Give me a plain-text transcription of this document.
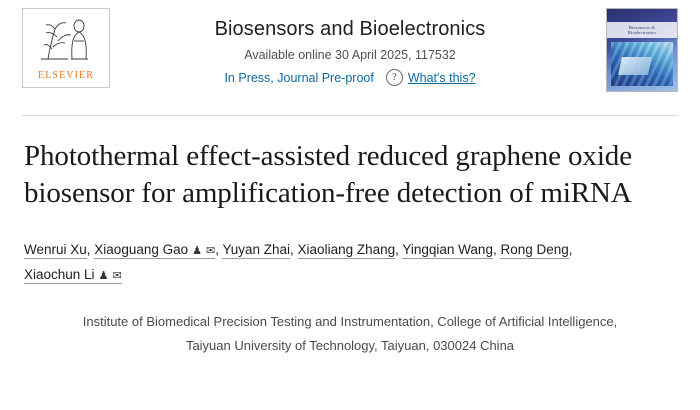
ELSEVIER
Biosensors and Bioelectronics
Available online 30 April 2025, 117532
In Press, Journal Pre-proof	? What's this?
Biosensors &
Bioelectronics
Photothermal effect-assisted reduced graphene oxide biosensor for amplification-free detection of miRNA
Wenrui Xu, Xiaoguang Gao ♟ ✉ , Yuyan Zhai, Xiaoliang Zhang, Yingqian Wang, Rong Deng,
Xiaochun Li ♟ ✉
Institute of Biomedical Precision Testing and Instrumentation, College of Artificial Intelligence, Taiyuan University of Technology, Taiyuan, 030024 China
